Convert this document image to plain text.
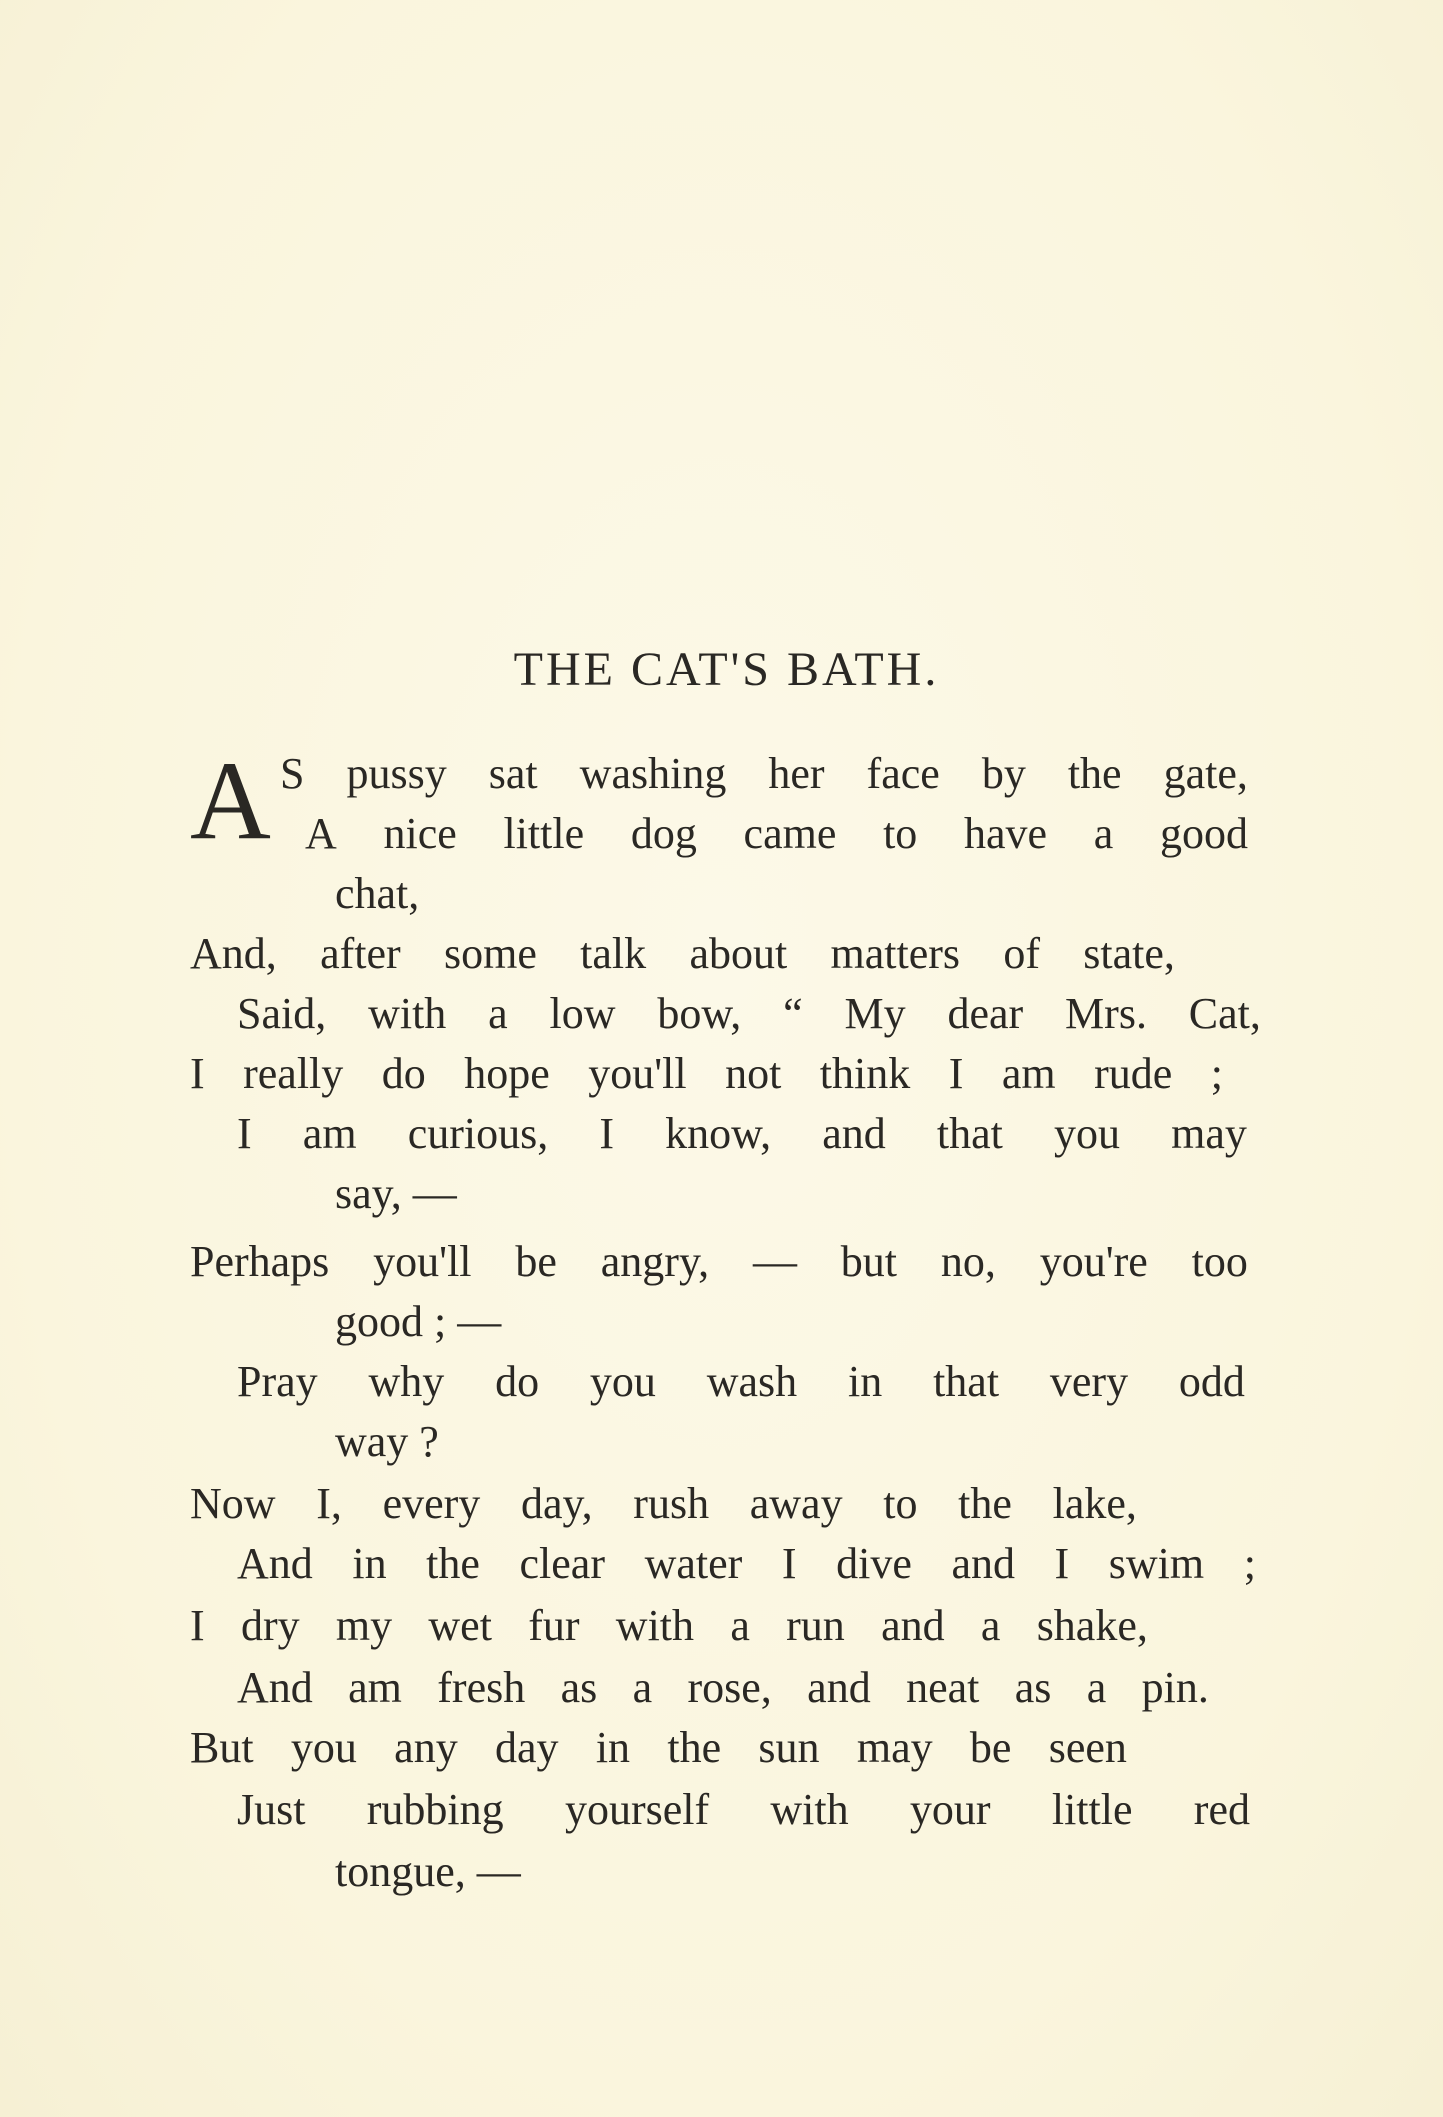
THE CAT'S BATH.
A S pussy sat washing her face by the gate,

A nice little dog came to have a good

chat,

And, after some talk about matters of state,

Said, with a low bow, “ My dear Mrs. Cat,

I really do hope you'll not think I am rude ;

I am curious, I know, and that you may

say, —

Perhaps you'll be angry, — but no, you're too

good ; —

Pray why do you wash in that very odd

way ?

Now I, every day, rush away to the lake,

And in the clear water I dive and I swim ;

I dry my wet fur with a run and a shake,

And am fresh as a rose, and neat as a pin.

But you any day in the sun may be seen

Just rubbing yourself with your little red

tongue, —
